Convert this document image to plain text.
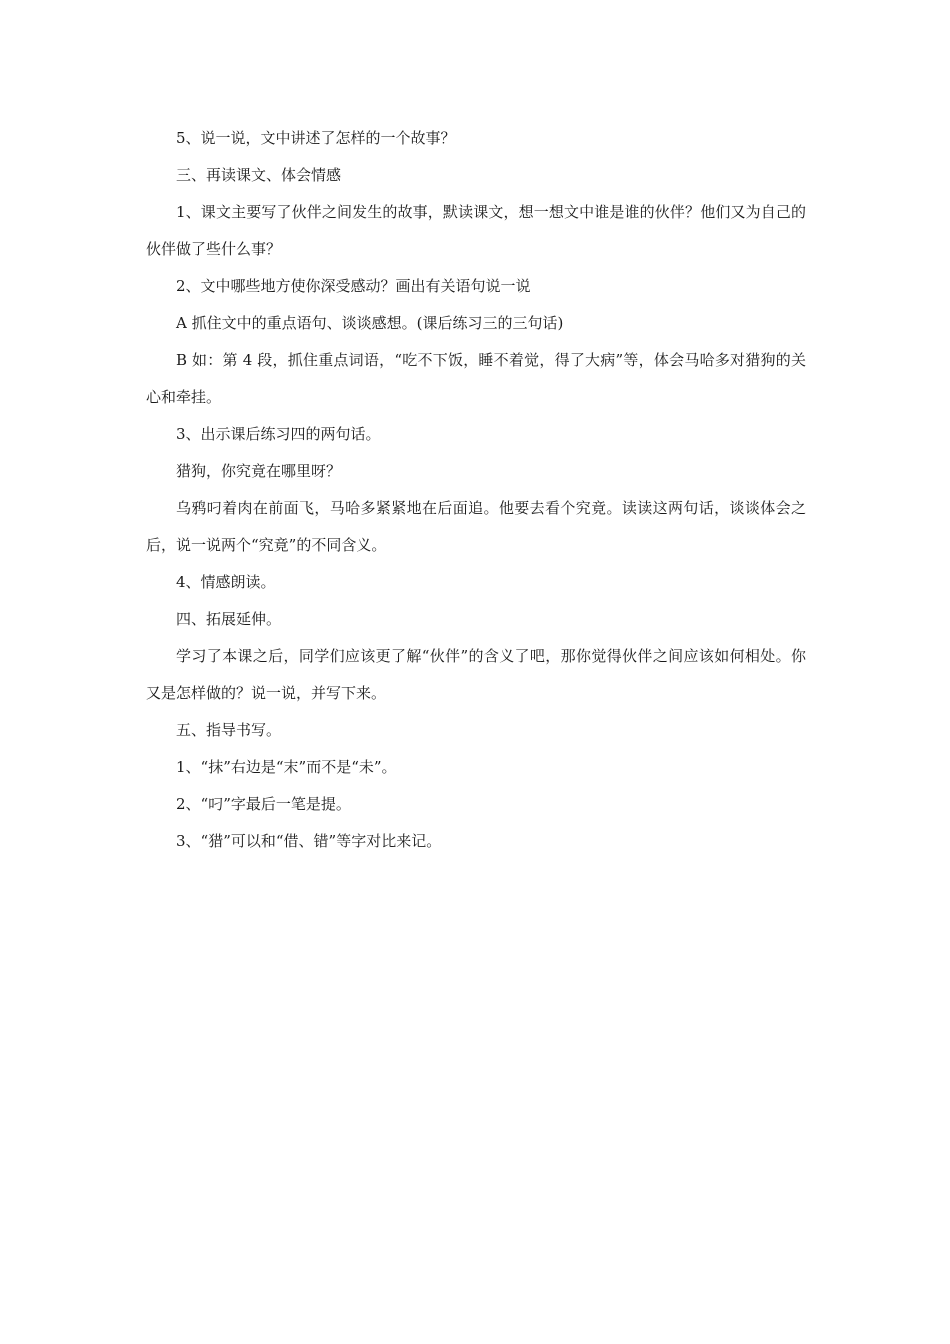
5、说一说，文中讲述了怎样的一个故事？

三、再读课文、体会情感

1、课文主要写了伙伴之间发生的故事，默读课文，想一想文中谁是谁的伙伴？他们又为自己的伙伴做了些什么事？

2、文中哪些地方使你深受感动？画出有关语句说一说

A 抓住文中的重点语句、谈谈感想。(课后练习三的三句话)

B 如：第 4 段，抓住重点词语，“吃不下饭，睡不着觉，得了大病”等，体会马哈多对猎狗的关心和牵挂。

3、出示课后练习四的两句话。

猎狗，你究竟在哪里呀？

乌鸦叼着肉在前面飞，马哈多紧紧地在后面追。他要去看个究竟。读读这两句话，谈谈体会之后，说一说两个“究竟”的不同含义。

4、情感朗读。

四、拓展延伸。

学习了本课之后，同学们应该更了解“伙伴”的含义了吧，那你觉得伙伴之间应该如何相处。你又是怎样做的？说一说，并写下来。

五、指导书写。

1、“抹”右边是“末”而不是“未”。

2、“叼”字最后一笔是提。

3、“猎”可以和“借、错”等字对比来记。
